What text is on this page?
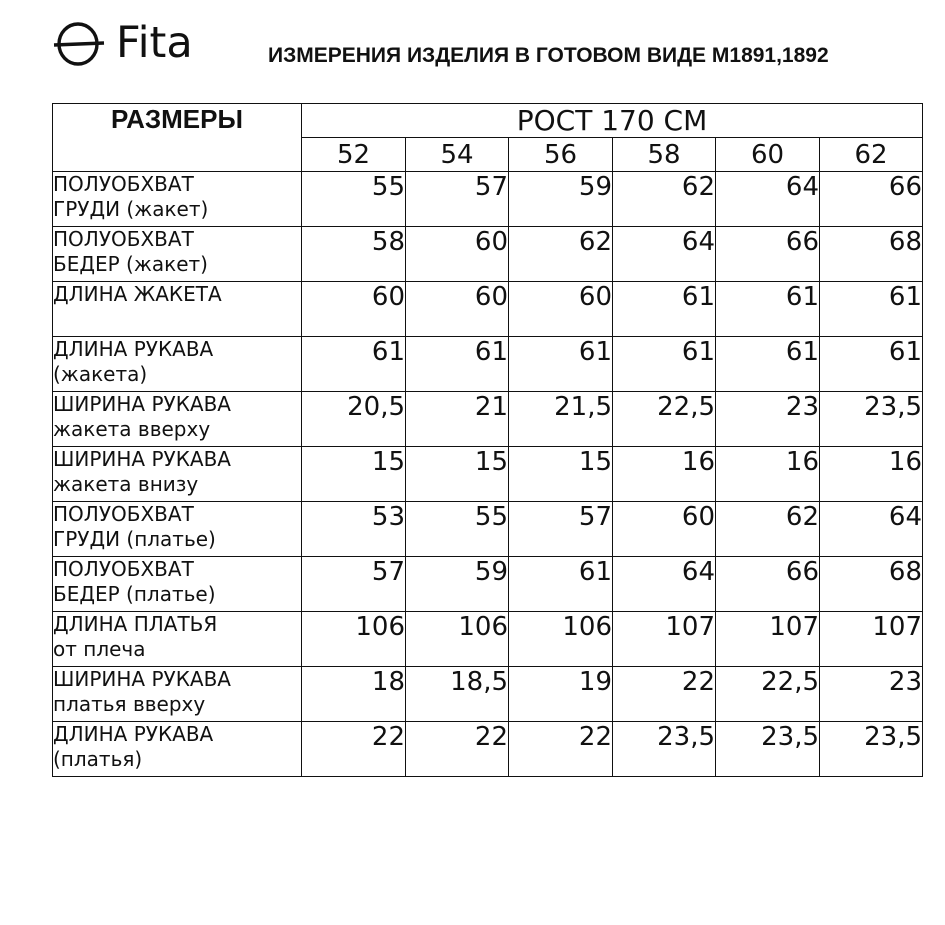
Fita	ИЗМЕРЕНИЯ ИЗДЕЛИЯ В ГОТОВОМ ВИДЕ М1891,1892
РАЗМЕРЫ	РОСТ 170 СМ					
	52	54	56	58	60	62

ПОЛУОБХВАТ
ГРУДИ (жакет)	55	57	59	62	64	66

ПОЛУОБХВАТ
БЕДЕР (жакет)	58	60	62	64	66	68

ДЛИНА ЖАКЕТА	60	60	60	61	61	61

ДЛИНА РУКАВА
(жакета)	61	61	61	61	61	61

ШИРИНА РУКАВА
жакета вверху	20,5	21	21,5	22,5	23	23,5

ШИРИНА РУКАВА
жакета внизу	15	15	15	16	16	16

ПОЛУОБХВАТ
ГРУДИ (платье)	53	55	57	60	62	64

ПОЛУОБХВАТ
БЕДЕР (платье)	57	59	61	64	66	68

ДЛИНА ПЛАТЬЯ
от плеча	106	106	106	107	107	107

ШИРИНА РУКАВА
платья вверху	18	18,5	19	22	22,5	23

ДЛИНА РУКАВА
(платья)	22	22	22	23,5	23,5	23,5
